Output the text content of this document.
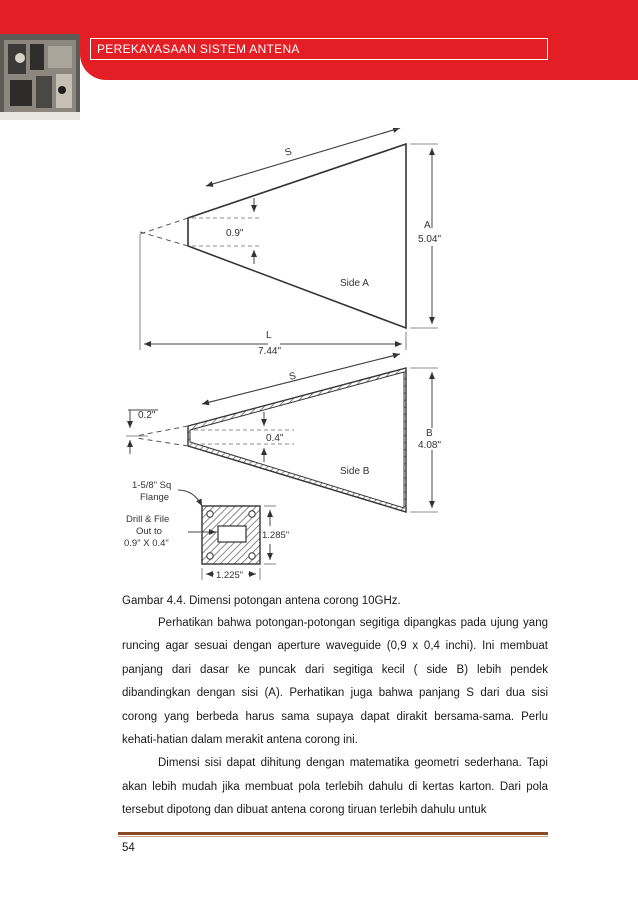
PEREKAYASAAN SISTEM ANTENA
S
0.9"
A
5.04"
Side A
L
7.44"
S
0.2"
0.4"	B
4.08"
Side B
1-5/8" Sq
Flange
Drill & File
Out to
0.9" X 0.4"
1.285"
1.225"
Gambar 4.4. Dimensi potongan antena corong 10GHz.

Perhatikan bahwa potongan-potongan segitiga dipangkas pada ujung yang runcing agar sesuai dengan aperture waveguide (0,9 x 0,4 inchi). Ini membuat panjang dari dasar ke puncak dari segitiga kecil ( side B) lebih pendek dibandingkan dengan sisi (A). Perhatikan juga bahwa panjang S dari dua sisi corong yang berbeda harus sama supaya dapat dirakit bersama-sama. Perlu kehati-hatian dalam merakit antena corong ini.

Dimensi sisi dapat dihitung dengan matematika geometri sederhana. Tapi akan lebih mudah jika membuat pola terlebih dahulu di kertas karton. Dari pola tersebut dipotong dan dibuat antena corong tiruan terlebih dahulu untuk

54
